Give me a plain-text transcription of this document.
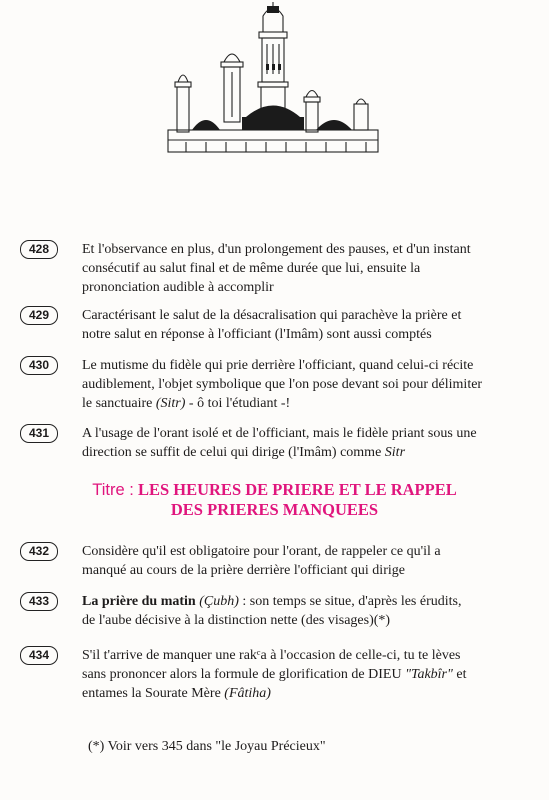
428	Et l'observance en plus, d'un prolongement des pauses, et d'un instant
consécutif au salut final et de même durée que lui, ensuite la
prononciation audible à accomplir
429	Caractérisant le salut de la désacralisation qui parachève la prière et
notre salut en réponse à l'officiant (l'Imâm) sont aussi comptés
430	Le mutisme du fidèle qui prie derrière l'officiant, quand celui-ci récite
audiblement, l'objet symbolique que l'on pose devant soi pour délimiter
le sanctuaire (Sitr) - ô toi l'étudiant -!
431	A l'usage de l'orant isolé et de l'officiant, mais le fidèle priant sous une
direction se suffit de celui qui dirige (l'Imâm) comme Sitr
Titre : LES HEURES DE PRIERE ET LE RAPPEL
DES PRIERES MANQUEES
432	Considère qu'il est obligatoire pour l'orant, de rappeler ce qu'il a
manqué au cours de la prière derrière l'officiant qui dirige
433	La prière du matin (Çubh) : son temps se situe, d'après les érudits,
de l'aube décisive à la distinction nette (des visages)(*)
434	S'il t'arrive de manquer une rakᶜa à l'occasion de celle-ci, tu te lèves
sans prononcer alors la formule de glorification de DIEU "Takbîr" et
entames la Sourate Mère (Fâtiha)
(*) Voir vers 345 dans "le Joyau Précieux"
